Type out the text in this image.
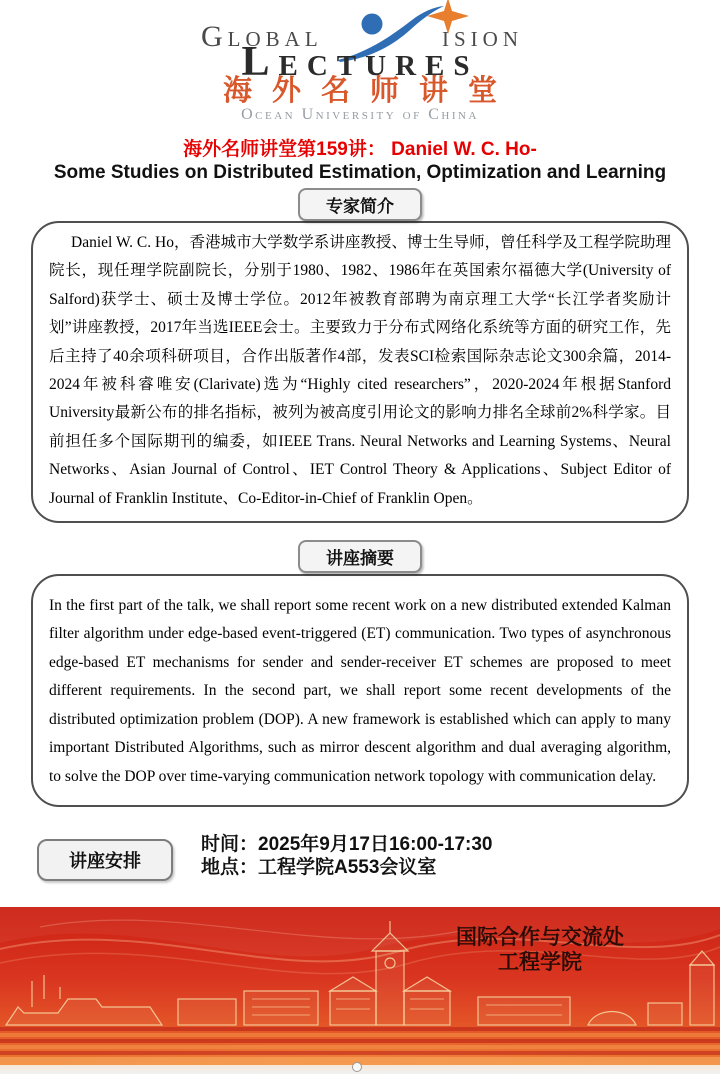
Global	ision
Lectures
海外名师讲堂
Ocean University of China
海外名师讲堂第159讲： Daniel W. C. Ho-
Some Studies on Distributed Estimation, Optimization and Learning
专家简介

Daniel W. C. Ho，香港城市大学数学系讲座教授、博士生导师，曾任科学及工程学院助理院长，现任理学院副院长，分别于1980、1982、1986年在英国索尔福德大学(University of Salford)获学士、硕士及博士学位。2012年被教育部聘为南京理工大学“长江学者奖励计划”讲座教授，2017年当选IEEE会士。主要致力于分布式网络化系统等方面的研究工作，先后主持了40余项科研项目，合作出版著作4部，发表SCI检索国际杂志论文300余篇，2014-2024年被科睿唯安(Clarivate)选为“Highly cited researchers”，2020-2024年根据Stanford University最新公布的排名指标，被列为被高度引用论文的影响力排名全球前2%科学家。目前担任多个国际期刊的编委，如IEEE Trans. Neural Networks and Learning Systems、Neural Networks、Asian Journal of Control、IET Control Theory & Applications、Subject Editor of Journal of Franklin Institute、Co-Editor-in-Chief of Franklin Open。

讲座摘要

In the first part of the talk, we shall report some recent work on a new distributed extended Kalman filter algorithm under edge-based event-triggered (ET) communication. Two types of asynchronous edge-based ET mechanisms for sender and sender-receiver ET schemes are proposed to meet different requirements. In the second part, we shall report some recent developments of the distributed optimization problem (DOP). A new framework is established which can apply to many important Distributed Algorithms, such as mirror descent algorithm and dual averaging algorithm, to solve the DOP over time-varying communication network topology with communication delay.

讲座安排
时间：2025年9月17日16:00-17:30
地点：工程学院A553会议室
国际合作与交流处
工程学院
